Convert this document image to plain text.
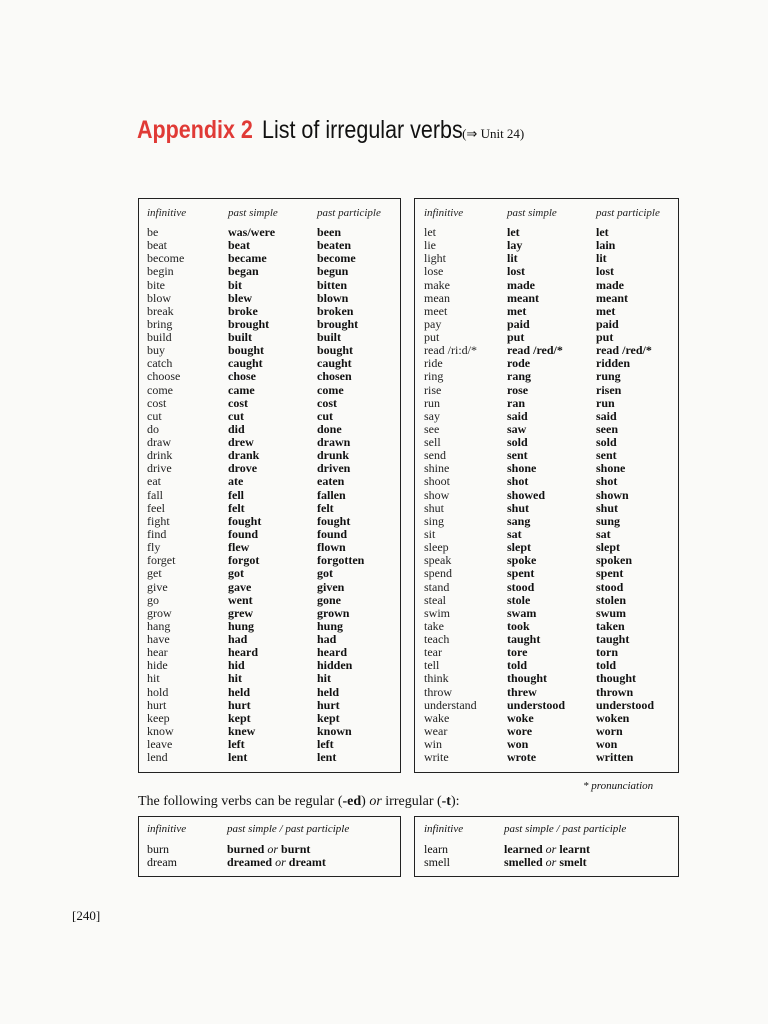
Appendix 2 List of irregular verbs (⇒ Unit 24)
infinitive	past simple	past participle
be	was/were	been
beat	beat	beaten
become	became	become
begin	began	begun
bite	bit	bitten
blow	blew	blown
break	broke	broken
bring	brought	brought
build	built	built
buy	bought	bought
catch	caught	caught
choose	chose	chosen
come	came	come
cost	cost	cost
cut	cut	cut
do	did	done
draw	drew	drawn
drink	drank	drunk
drive	drove	driven
eat	ate	eaten
fall	fell	fallen
feel	felt	felt
fight	fought	fought
find	found	found
fly	flew	flown
forget	forgot	forgotten
get	got	got
give	gave	given
go	went	gone
grow	grew	grown
hang	hung	hung
have	had	had
hear	heard	heard
hide	hid	hidden
hit	hit	hit
hold	held	held
hurt	hurt	hurt
keep	kept	kept
know	knew	known
leave	left	left
lend	lent	lent
infinitive	past simple	past participle
let	let	let
lie	lay	lain
light	lit	lit
lose	lost	lost
make	made	made
mean	meant	meant
meet	met	met
pay	paid	paid
put	put	put
read /ri:d/*	read /red/*	read /red/*
ride	rode	ridden
ring	rang	rung
rise	rose	risen
run	ran	run
say	said	said
see	saw	seen
sell	sold	sold
send	sent	sent
shine	shone	shone
shoot	shot	shot
show	showed	shown
shut	shut	shut
sing	sang	sung
sit	sat	sat
sleep	slept	slept
speak	spoke	spoken
spend	spent	spent
stand	stood	stood
steal	stole	stolen
swim	swam	swum
take	took	taken
teach	taught	taught
tear	tore	torn
tell	told	told
think	thought	thought
throw	threw	thrown
understand	understood	understood
wake	woke	woken
wear	wore	worn
win	won	won
write	wrote	written
* pronunciation
The following verbs can be regular (-ed) or irregular (-t):
infinitive	past simple / past participle
burn	burned or burnt
dream	dreamed or dreamt
infinitive	past simple / past participle
learn	learned or learnt
smell	smelled or smelt
[240]
